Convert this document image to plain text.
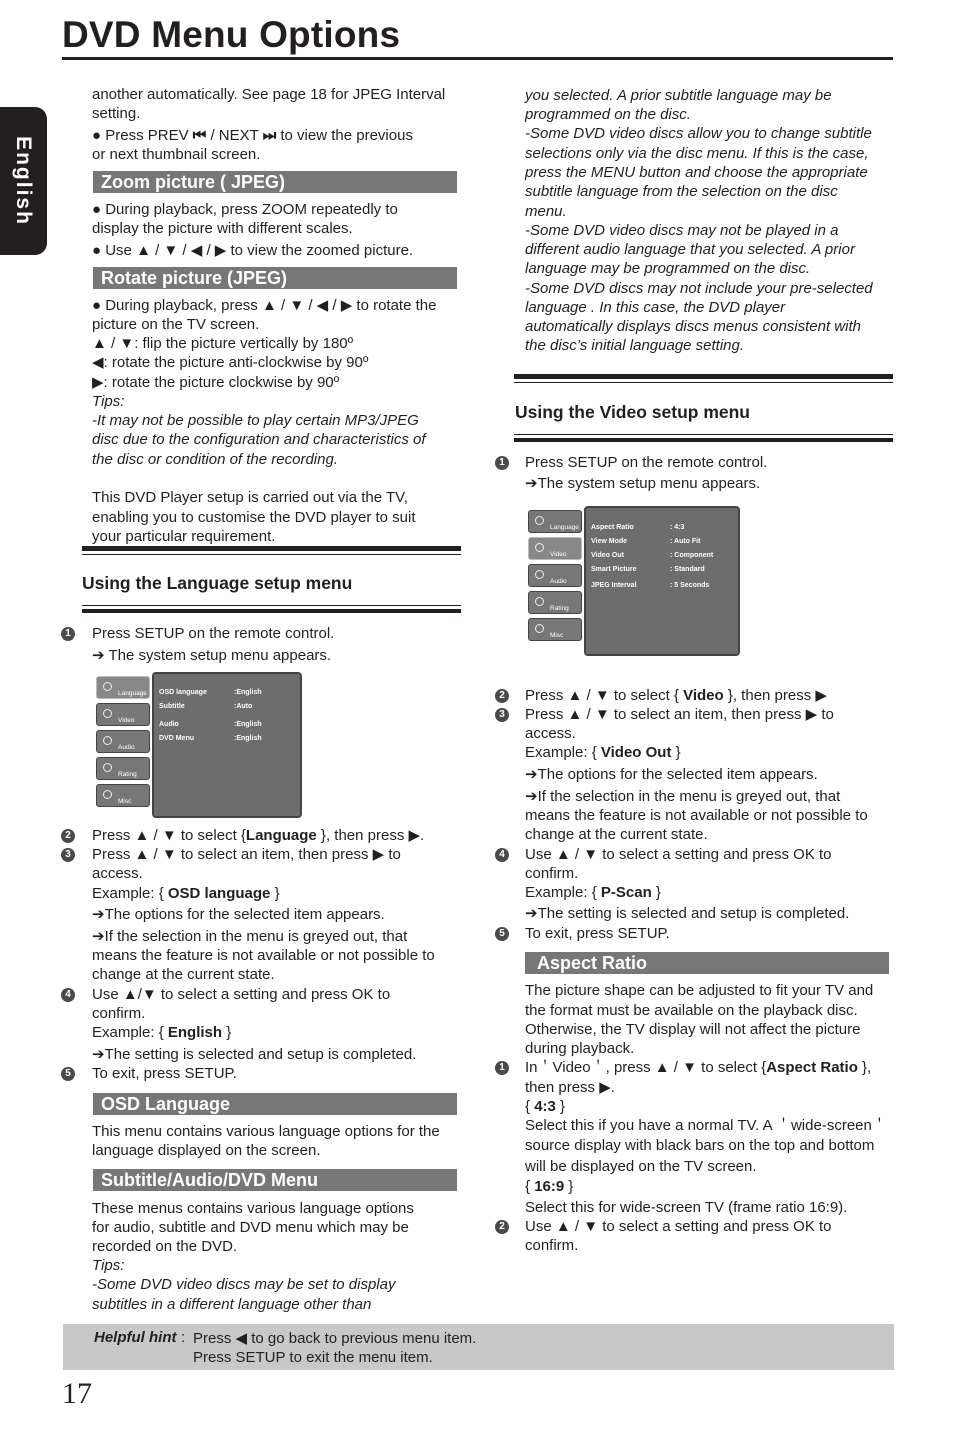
DVD Menu Options
English

another automatically. See page 18 for JPEG Interval

setting.

● Press PREV ⏮ / NEXT ⏭ to view the previous

or next thumbnail screen.

Zoom picture ( JPEG)

● During playback, press ZOOM repeatedly to

display the picture with different scales.

● Use ▲ / ▼ / ◀ / ▶ to view the zoomed picture.

Rotate picture (JPEG)

● During playback, press ▲ / ▼ / ◀ / ▶ to rotate the

picture on the TV screen.

▲ / ▼: flip the picture vertically by 180º

◀: rotate the picture anti-clockwise by 90º

▶: rotate the picture clockwise by 90º

Tips:

-It may not be possible to play certain MP3/JPEG

disc due to the configuration and characteristics of

the disc or condition of the recording.

This DVD Player setup is carried out via the TV,

enabling you to customise the DVD player to suit

your particular requirement.

Using the Language setup menu
1 Press SETUP on the remote control.

➔ The system setup menu appears.

Language
Video
Audio
Rating
Misc
OSD language	:English
Subtitle	:Auto
Audio	:English
DVD Menu	:English
2 Press ▲ / ▼ to select {Language }, then press ▶.

3 Press ▲ / ▼ to select an item, then press ▶ to

access.

Example: { OSD language }

➔The options for the selected item appears.

➔If the selection in the menu is greyed out, that

means the feature is not available or not possible to

change at the current state.

4 Use ▲/▼ to select a setting and press OK to

confirm.

Example: { English }

➔The setting is selected and setup is completed.

5 To exit, press SETUP.

OSD Language

This menu contains various language options for the

language displayed on the screen.

Subtitle/Audio/DVD Menu

These menus contains various language options

for audio, subtitle and DVD menu which may be

recorded on the DVD.

Tips:

-Some DVD video discs may be set to display

subtitles in a different language other than

you selected. A prior subtitle language may be

programmed on the disc.

-Some DVD video discs allow you to change subtitle

selections only via the disc menu. If this is the case,

press the MENU button and choose the appropriate

subtitle language from the selection on the disc

menu.

-Some DVD video discs may not be played in a

different audio language that you selected. A prior

language may be programmed on the disc.

-Some DVD discs may not include your pre-selected

language . In this case, the DVD player

automatically displays discs menus consistent with

the disc’s initial language setting.

Using the Video setup menu
1 Press SETUP on the remote control.

➔The system setup menu appears.

Language
Video
Audio
Rating
Misc
Aspect Ratio	: 4:3
View Mode	: Auto Fit
Video Out	: Component
Smart Picture	: Standard
JPEG Interval	: 5 Seconds
2 Press ▲ / ▼ to select { Video }, then press ▶

3 Press ▲ / ▼ to select an item, then press ▶ to

access.

Example: { Video Out }

➔The options for the selected item appears.

➔If the selection in the menu is greyed out, that

means the feature is not available or not possible to

change at the current state.

4 Use ▲ / ▼ to select a setting and press OK to

confirm.

Example: { P-Scan }

➔The setting is selected and setup is completed.

5 To exit, press SETUP.

Aspect Ratio

The picture shape can be adjusted to fit your TV and

the format must be available on the playback disc.

Otherwise, the TV display will not affect the picture

during playback.

1 In＇Video＇, press ▲ / ▼ to select {Aspect Ratio },

then press ▶.

{ 4:3 }

Select this if you have a normal TV. A ＇wide-screen＇

source display with black bars on the top and bottom

will be displayed on the TV screen.

{ 16:9 }

Select this for wide-screen TV (frame ratio 16:9).

2 Use ▲ / ▼ to select a setting and press OK to

confirm.

Helpful hint : Press ◀ to go back to previous menu item.
Press SETUP to exit the menu item.
17
